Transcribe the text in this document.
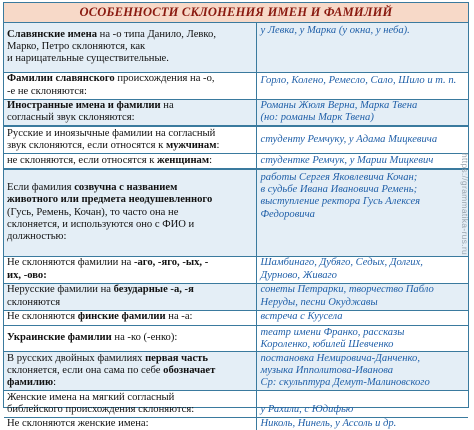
ОСОБЕННОСТИ СКЛОНЕНИЯ ИМЕН И ФАМИЛИЙ
Славянские имена на -о типа Данило, Левко,
Марко, Петро склоняются, как
и нарицательные существительные.	у Левка, у Марка (у окна, у неба).
Фамилии славянского происхождения на -о,
-е не склоняются:	Горло, Колено, Ремесло, Сало, Шило и т. п.
Иностранные имена и фамилии на
согласный звук склоняются:	Романы Жюля Верна, Марка Твена
(но: романы Марк Твена)
Русские и иноязычные фамилии на согласный
звук склоняются, если относятся к мужчинам:	студенту Ремчуку, у Адама Мицкевича
не склоняются, если относятся к женщинам:	студентке Ремчук, у Марии Мицкевич
Если фамилия созвучна с названием
животного или предмета неодушевленного
(Гусь, Ремень, Кочан), то часто она не
склоняется, и используются оно с ФИО и
должностью:	работы Сергея Яковлевича Кочан;
в судьбе Ивана Ивановича Ремень;
выступление ректора Гусь Алексея
Федоровича
Не склоняются фамилии на -аго, -яго, -ых, -
их, -ово:	Шамбинаго, Дубяго, Седых, Долгих,
Дурново, Живаго
Нерусские фамилии на безударные -а, -я
склоняются	сонеты Петрарки, творчество Пабло
Неруды, песни Окуджавы
Не склоняются финские фамилии на -а:	встреча с Куусела
Украинские фамилии на -ко (-енко):	театр имени Франко, рассказы
Короленко, юбилей Шевченко
В русских двойных фамилиях первая часть
склоняется, если она сама по себе обозначает
фамилию:	постановка Немировича-Данченко,
музыка Ипполитова-Иванова
Ср: скульптура Демут-Малиновского
Женские имена на мягкий согласный
библейского происхождения склоняются:	у Рахили, с Юдифью
Не склоняются женские имена:	Николь, Нинель, у Ассоль и др.
https://grammatika-rus.ru
